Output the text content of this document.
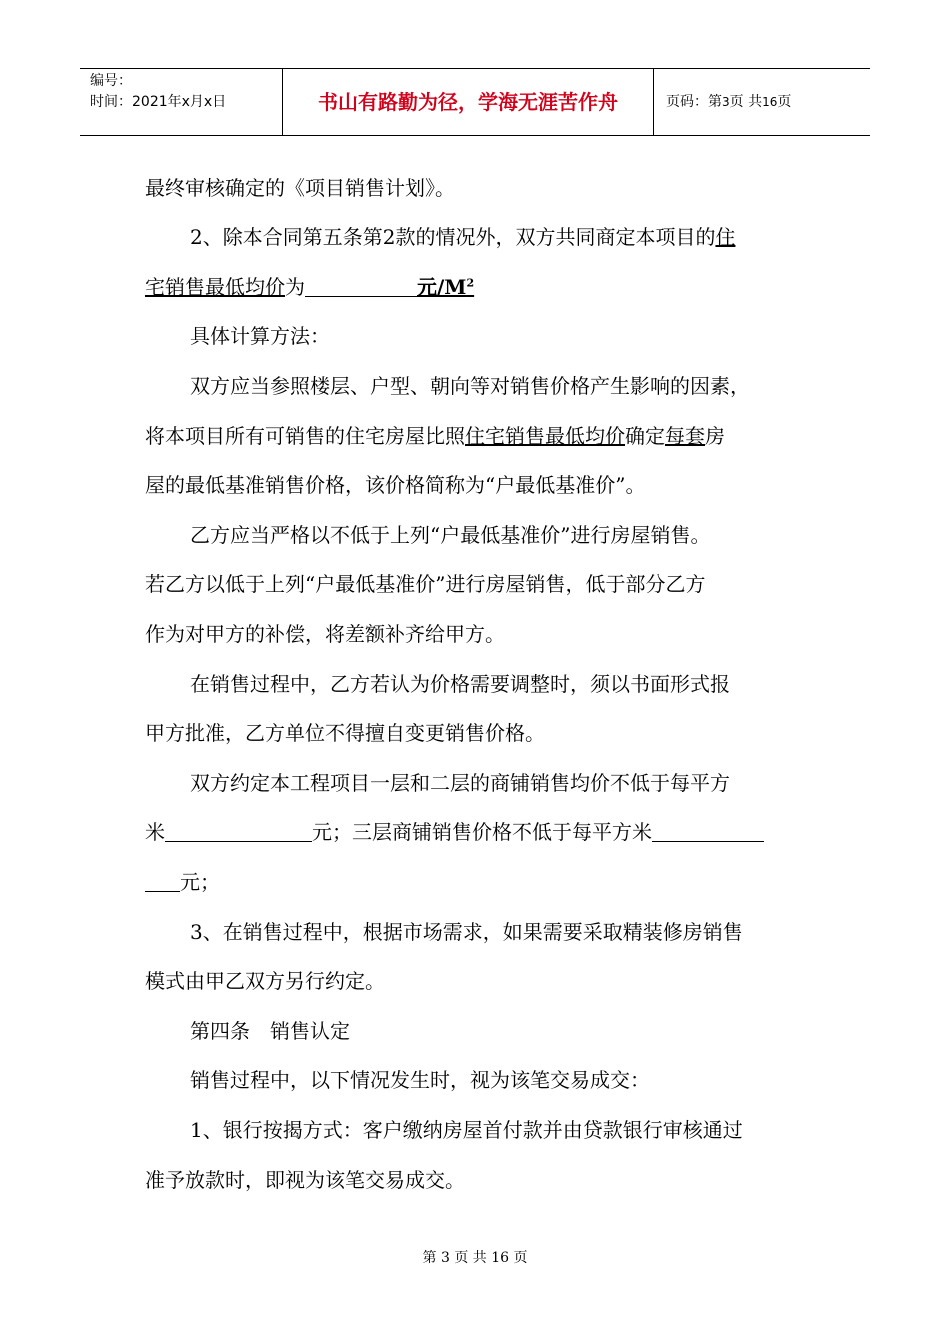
编号：
时间：2021年x月x日	书山有路勤为径，学海无涯苦作舟	页码：第3页 共16页
最终审核确定的《项目销售计划》。
2、除本合同第五条第2款的情况外，双方共同商定本项目的住
宅销售最低均价为	元$/M^2$
具体计算方法：
双方应当参照楼层、户型、朝向等对销售价格产生影响的因素，
将本项目所有可销售的住宅房屋比照住宅销售最低均价确定每套房
屋的最低基准销售价格，该价格简称为“户最低基准价”。
乙方应当严格以不低于上列“户最低基准价”进行房屋销售。
若乙方以低于上列“户最低基准价”进行房屋销售，低于部分乙方
作为对甲方的补偿，将差额补齐给甲方。
在销售过程中，乙方若认为价格需要调整时，须以书面形式报
甲方批准，乙方单位不得擅自变更销售价格。
双方约定本工程项目一层和二层的商铺销售均价不低于每平方
米	元；三层商铺销售价格不低于每平方米
元；
3、在销售过程中，根据市场需求，如果需要采取精装修房销售
模式由甲乙双方另行约定。
第四条　销售认定
销售过程中，以下情况发生时，视为该笔交易成交：
1、银行按揭方式：客户缴纳房屋首付款并由贷款银行审核通过
准予放款时，即视为该笔交易成交。
第 3 页 共 16 页
